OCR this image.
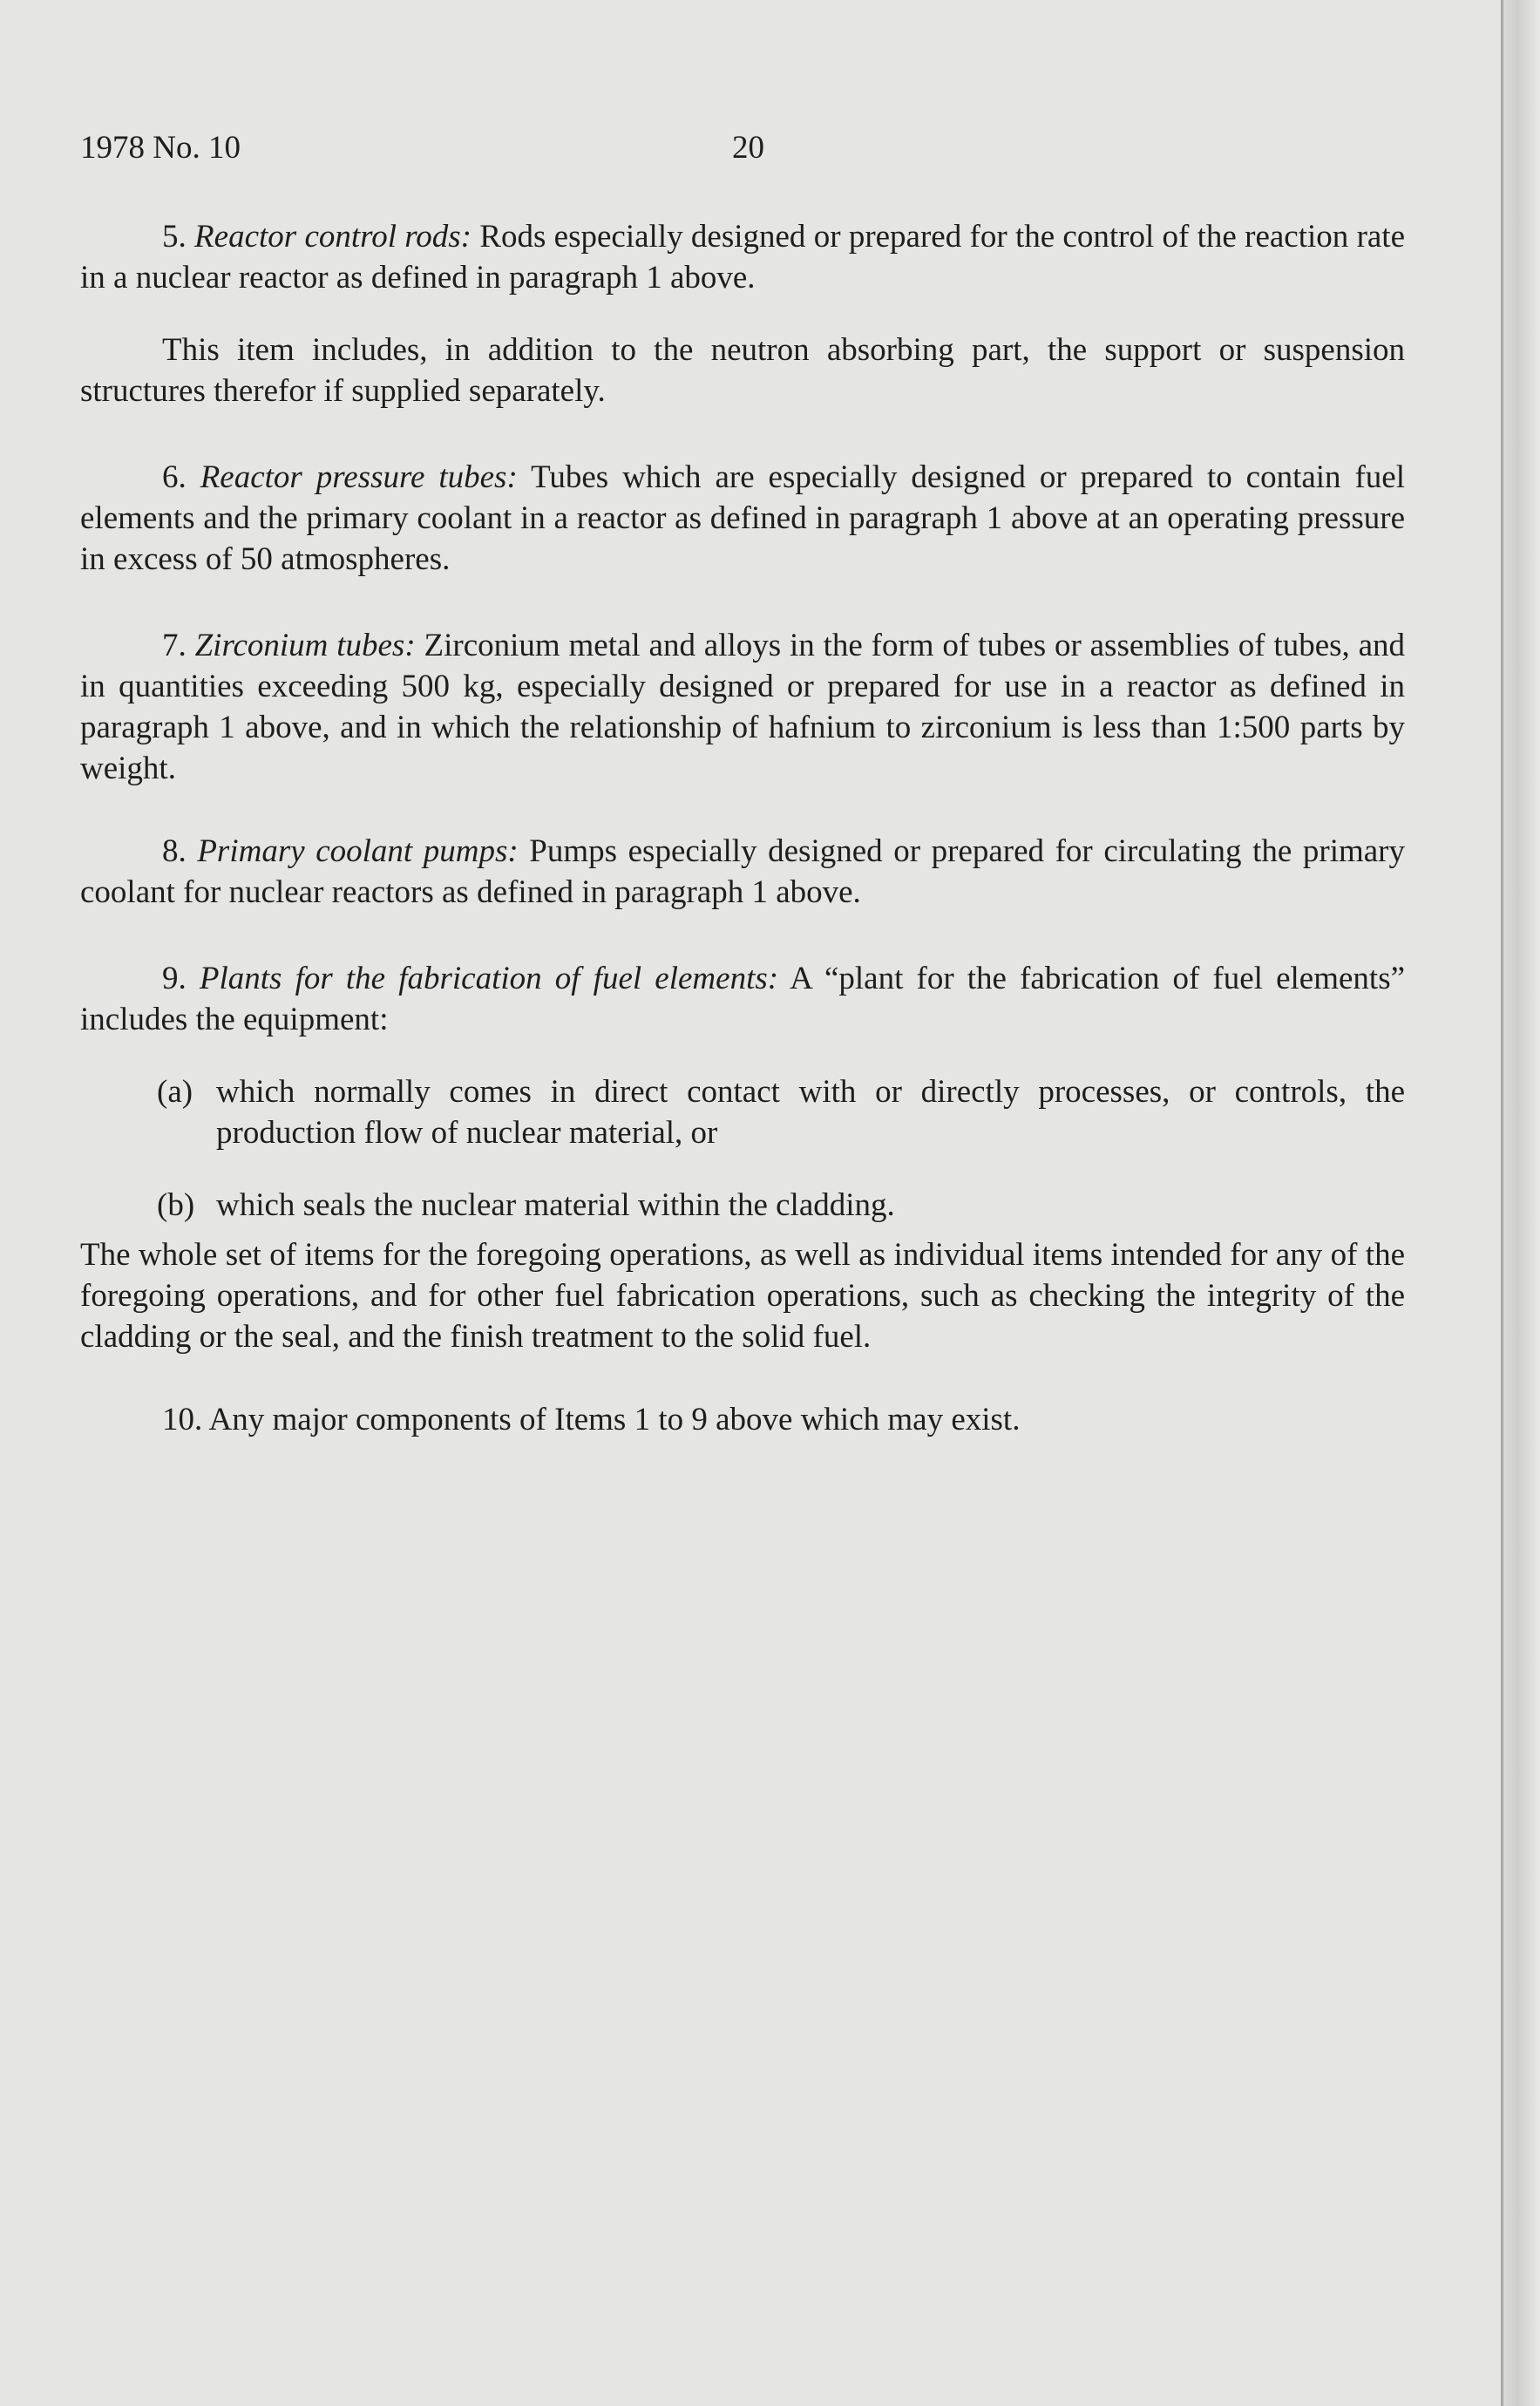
1978 No. 10	20

5. Reactor control rods: Rods especially designed or prepared for the control of the reaction rate in a nuclear reactor as defined in paragraph 1 above.

This item includes, in addition to the neutron absorbing part, the support or suspension structures therefor if supplied separately.

6. Reactor pressure tubes: Tubes which are especially designed or prepared to contain fuel elements and the primary coolant in a reactor as defined in paragraph 1 above at an operating pressure in excess of 50 atmospheres.

7. Zirconium tubes: Zirconium metal and alloys in the form of tubes or assemblies of tubes, and in quantities exceeding 500 kg, especially designed or prepared for use in a reactor as defined in paragraph 1 above, and in which the relationship of hafnium to zirconium is less than 1:500 parts by weight.

8. Primary coolant pumps: Pumps especially designed or prepared for circulating the primary coolant for nuclear reactors as defined in paragraph 1 above.

9. Plants for the fabrication of fuel elements: A “plant for the fabrication of fuel elements” includes the equipment:

(a) which normally comes in direct contact with or directly processes, or controls, the production flow of nuclear material, or

(b) which seals the nuclear material within the cladding.

The whole set of items for the foregoing operations, as well as individual items intended for any of the foregoing operations, and for other fuel fabrication operations, such as checking the integrity of the cladding or the seal, and the finish treatment to the solid fuel.

10. Any major components of Items 1 to 9 above which may exist.
